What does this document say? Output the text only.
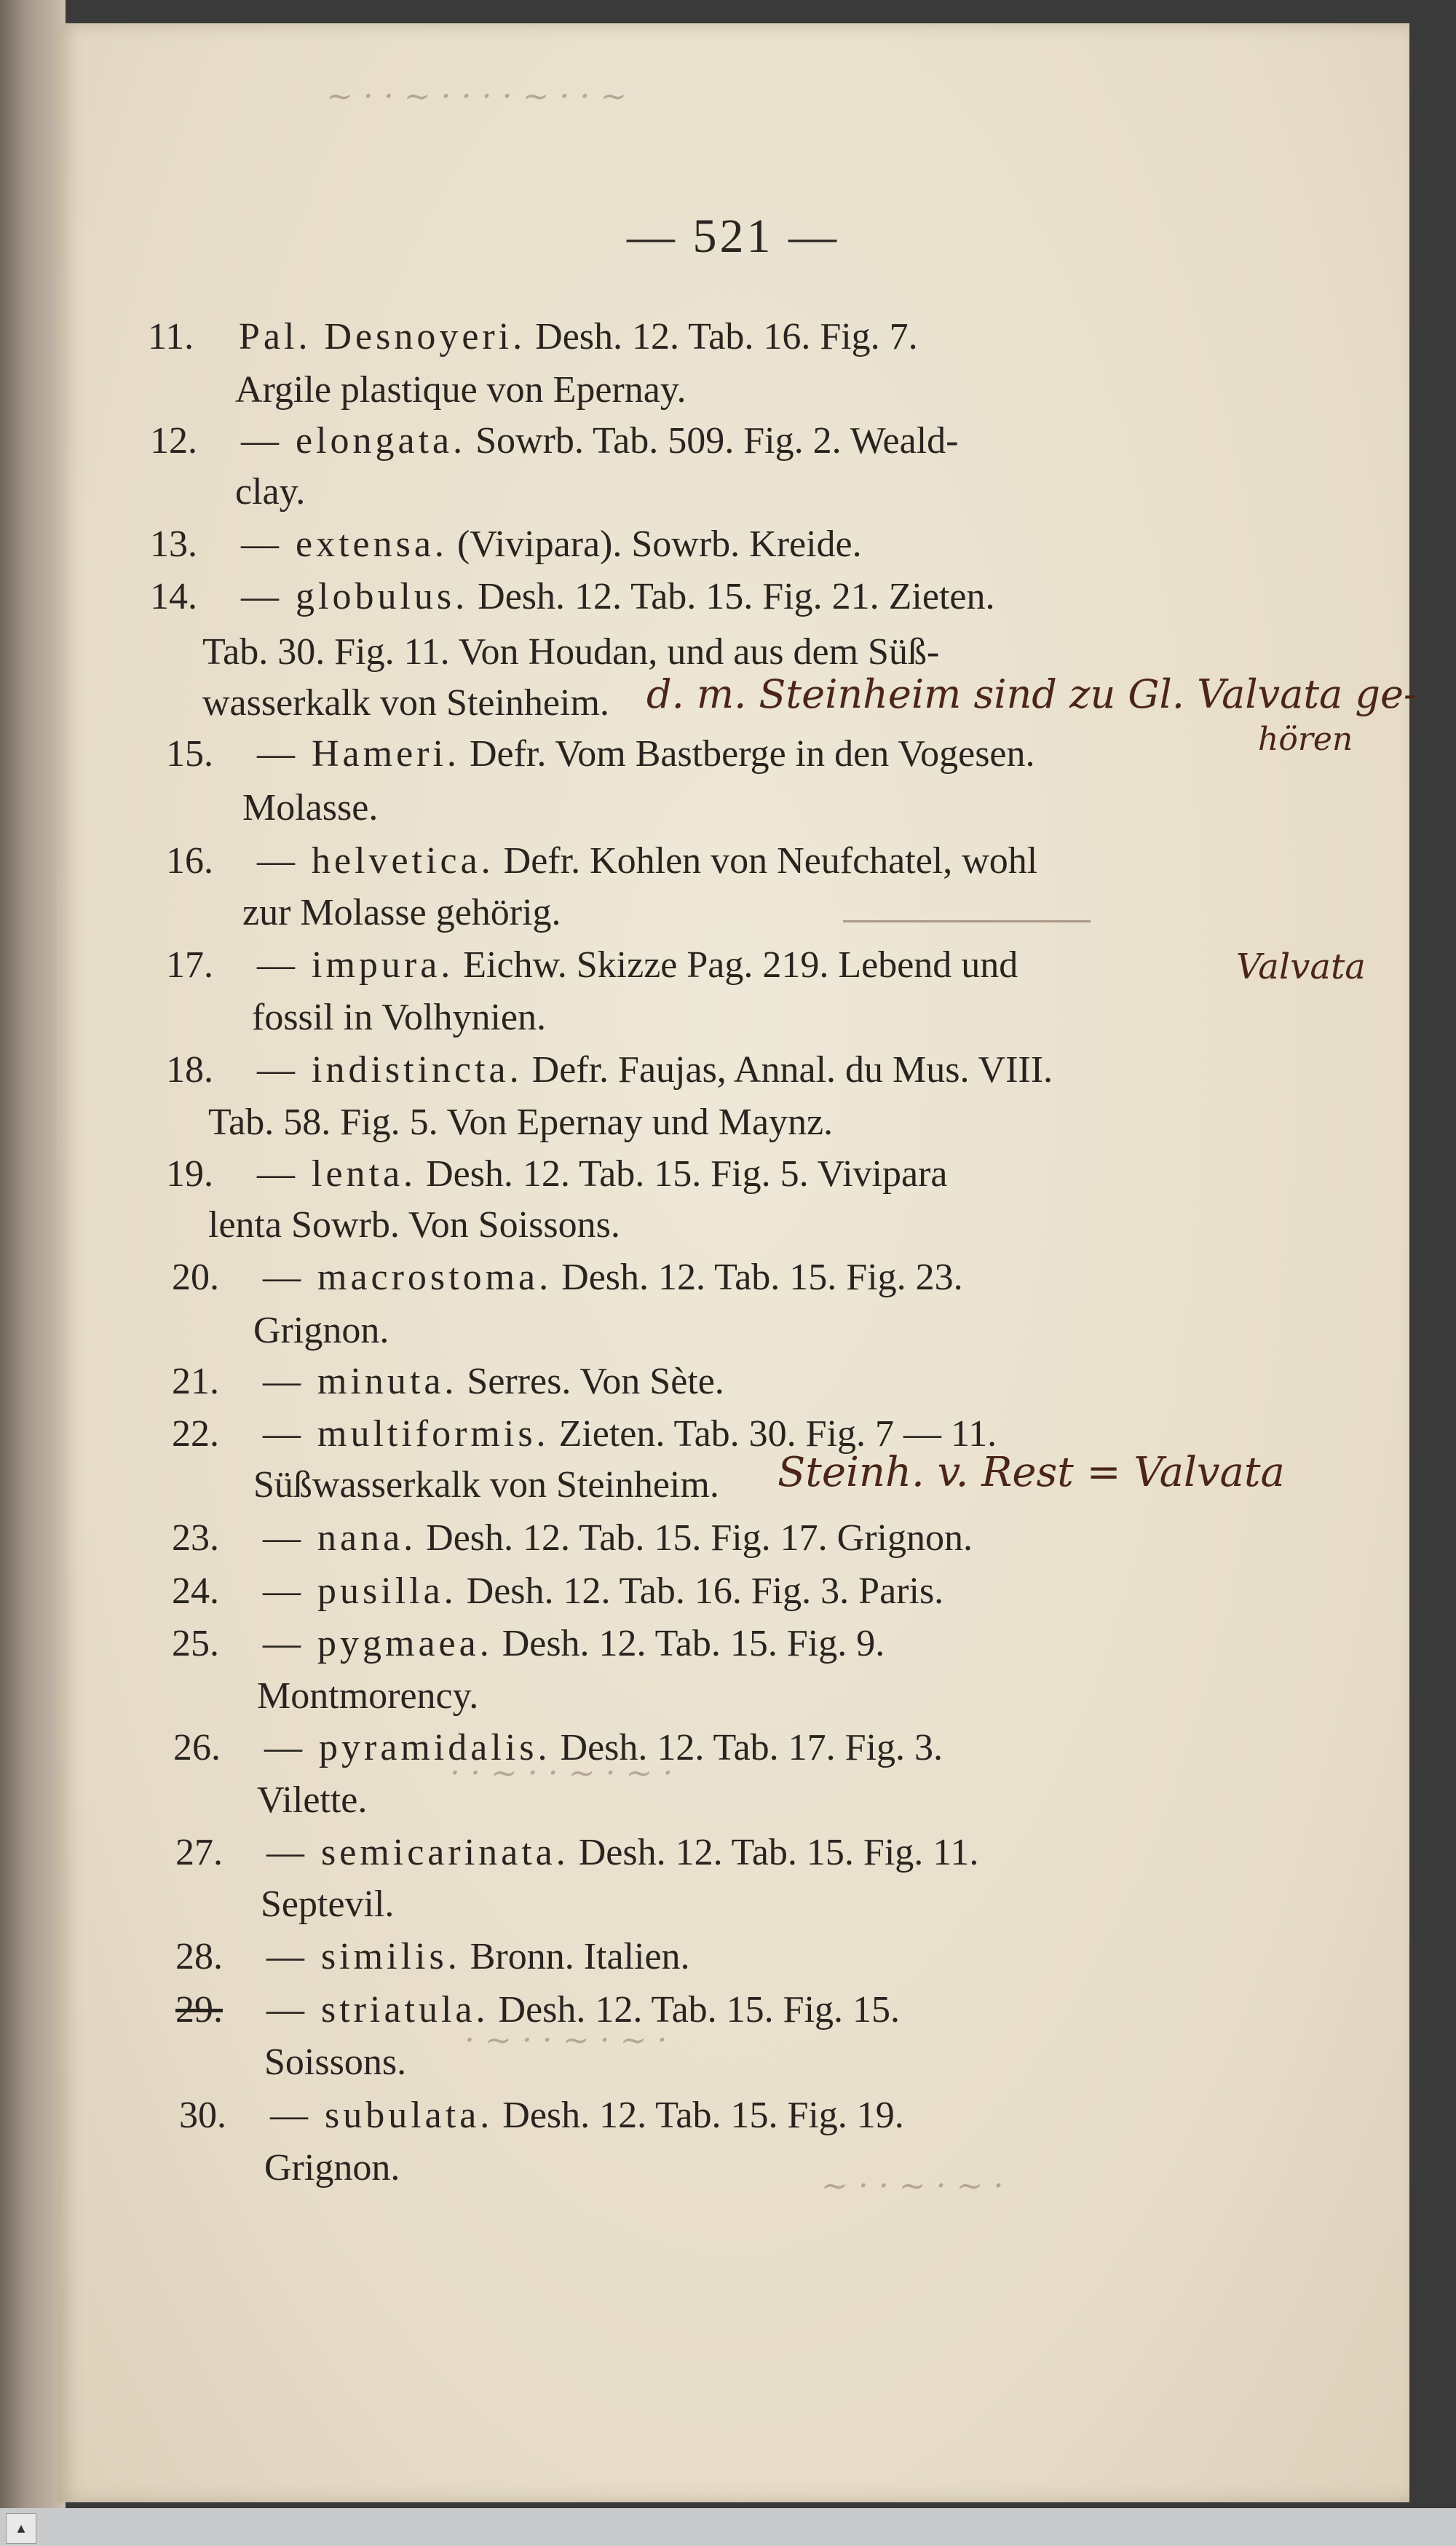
— 521 —
~ · · ~ · · · · ~ · · ~
~ · · ~ · ~ ·
11. Pal. Desnoyeri. Desh. 12. Tab. 16. Fig. 7.
Argile plastique von Epernay.
12. — elongata. Sowrb. Tab. 509. Fig. 2. Weald-
clay.
13. — extensa. (Vivipara). Sowrb. Kreide.
14. — globulus. Desh. 12. Tab. 15. Fig. 21. Zieten.
Tab. 30. Fig. 11. Von Houdan, und aus dem Süß-
wasserkalk von Steinheim. d. m. Steinheim sind zu Gl. Valvata ge-
hören
15. — Hameri. Defr. Vom Bastberge in den Vogesen.
Molasse.
16. — helvetica. Defr. Kohlen von Neufchatel, wohl
zur Molasse gehörig.
17. — impura. Eichw. Skizze Pag. 219. Lebend und
fossil in Volhynien.
Valvata
18. — indistincta. Defr. Faujas, Annal. du Mus. VIII.
Tab. 58. Fig. 5. Von Epernay und Maynz.
19. — lenta. Desh. 12. Tab. 15. Fig. 5. Vivipara
lenta Sowrb. Von Soissons.
20. — macrostoma. Desh. 12. Tab. 15. Fig. 23.
Grignon.
21. — minuta. Serres. Von Sète.
22. — multiformis. Zieten. Tab. 30. Fig. 7 — 11.
Süßwasserkalk von Steinheim. Steinh. v. Rest = Valvata
23. — nana. Desh. 12. Tab. 15. Fig. 17. Grignon.
24. — pusilla. Desh. 12. Tab. 16. Fig. 3. Paris.
25. — pygmaea. Desh. 12. Tab. 15. Fig. 9.
Montmorency.
26. — pyramidalis. Desh. 12. Tab. 17. Fig. 3.
Vilette.
· · ~ · · ~ · ~ ·
27. — semicarinata. Desh. 12. Tab. 15. Fig. 11.
Septevil.
28. — similis. Bronn. Italien.
29. — striatula. Desh. 12. Tab. 15. Fig. 15.
Soissons.
· ~ · · ~ · ~ ·
30. — subulata. Desh. 12. Tab. 15. Fig. 19.
Grignon.
▲
